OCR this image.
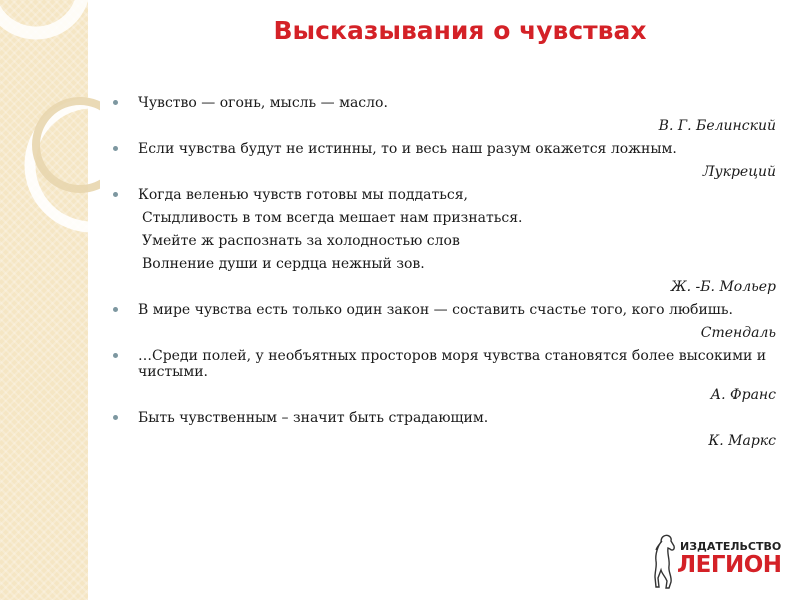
Высказывания о чувствах
Чувство — огонь, мысль — масло.
В. Г. Белинский
Если чувства будут не истинны, то и весь наш разум окажется ложным.
Лукреций
Когда веленью чувств готовы мы поддаться,
Стыдливость в том всегда мешает нам признаться.
Умейте ж распознать за холодностью слов
Волнение души и сердца нежный зов.
Ж. -Б. Мольер
В мире чувства есть только один закон — составить счастье того, кого любишь.
Стендаль
…Среди полей, у необъятных просторов моря чувства становятся более высокими и чистыми.
А. Франс
Быть чувственным – значит быть страдающим.
К. Маркс
ИЗДАТЕЛЬСТВО
ЛЕГИОН
